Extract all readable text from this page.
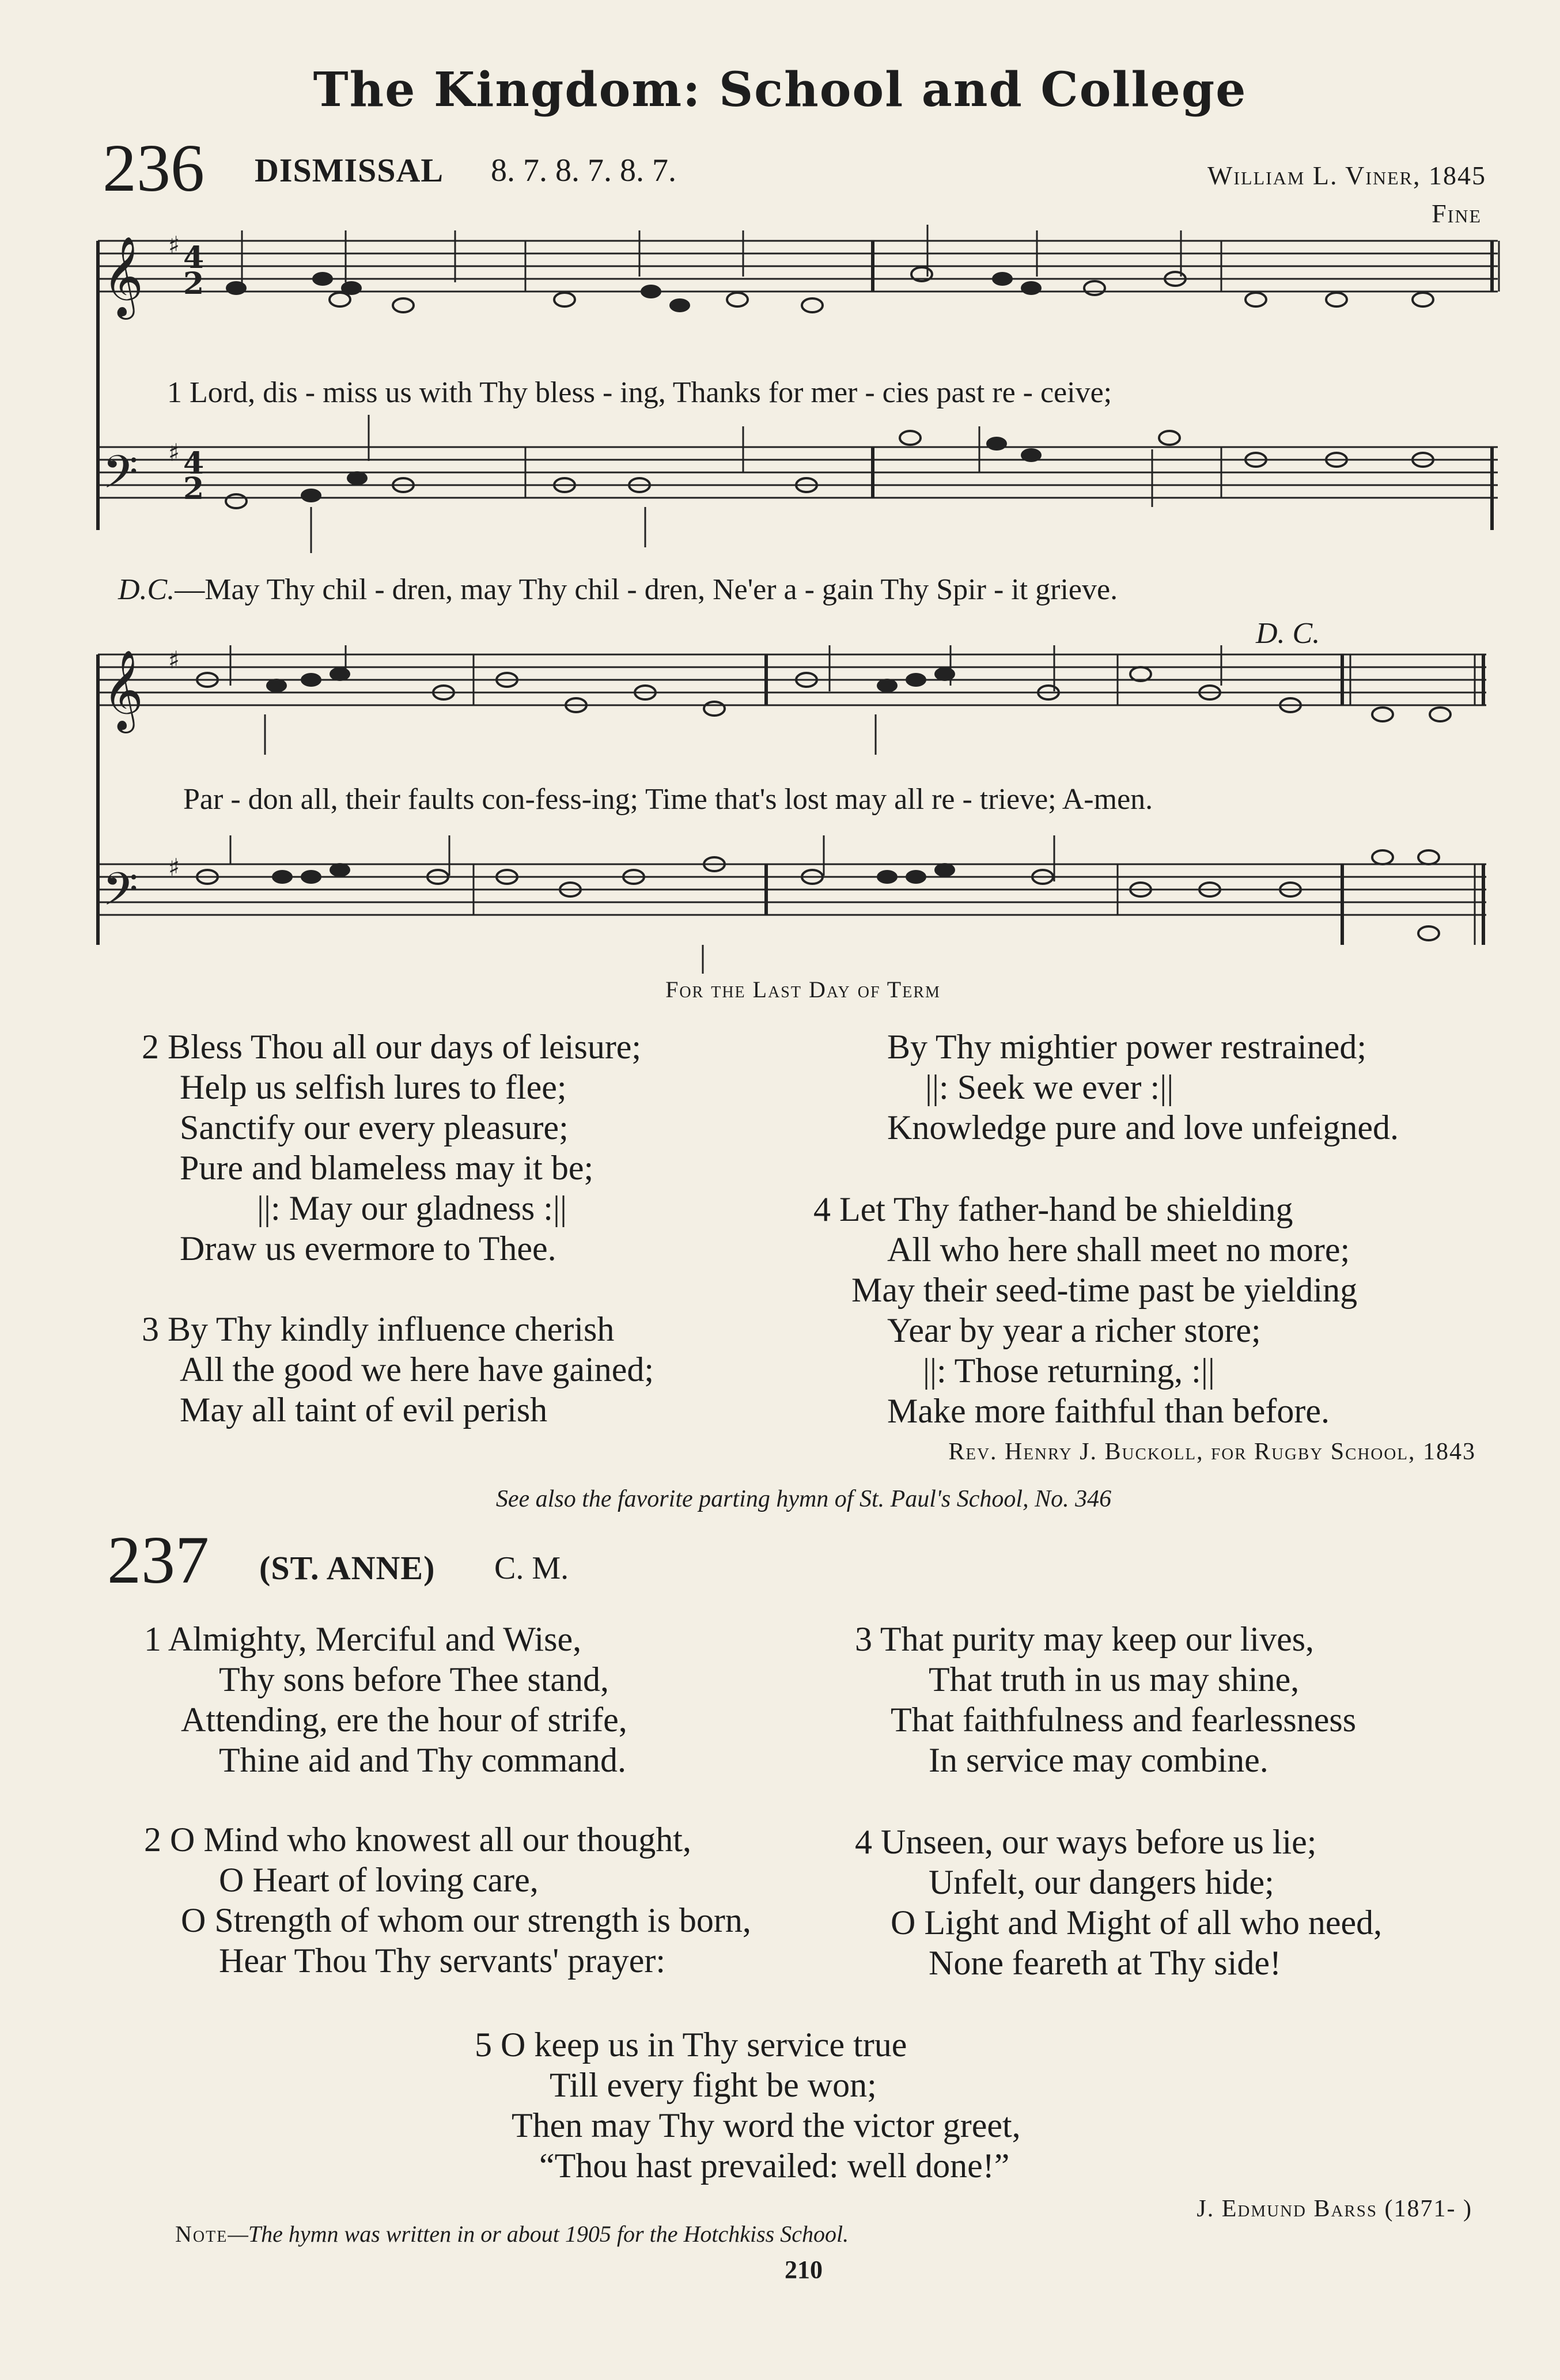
The Kingdom: School and College
236 DISMISSAL 8. 7. 8. 7. 8. 7.	William L. Viner, 1845
Fine
𝄞
𝄢
𝄞
𝄢
4
2
4
2
♯
♯
♯
♯
1 Lord, dis - miss us with Thy bless - ing, Thanks for mer - cies past re - ceive;
D.C.—May Thy chil - dren, may Thy chil - dren, Ne'er a - gain Thy Spir - it grieve.
D. C.
Par - don all, their faults con-fess-ing; Time that's lost may all re - trieve; A-men.
For the Last Day of Term
2 Bless Thou all our days of leisure;
Help us selfish lures to flee;
Sanctify our every pleasure;
Pure and blameless may it be;
||: May our gladness :||
Draw us evermore to Thee.
By Thy mightier power restrained;
||: Seek we ever :||
Knowledge pure and love unfeigned.
3 By Thy kindly influence cherish
All the good we here have gained;
May all taint of evil perish
4 Let Thy father-hand be shielding
All who here shall meet no more;
May their seed-time past be yielding
Year by year a richer store;
||: Those returning, :||
Make more faithful than before.
Rev. Henry J. Buckoll, for Rugby School, 1843
See also the favorite parting hymn of St. Paul's School, No. 346
237 (ST. ANNE) C. M.
1 Almighty, Merciful and Wise,
Thy sons before Thee stand,
Attending, ere the hour of strife,
Thine aid and Thy command.
3 That purity may keep our lives,
That truth in us may shine,
That faithfulness and fearlessness
In service may combine.
2 O Mind who knowest all our thought,
O Heart of loving care,
O Strength of whom our strength is born,
Hear Thou Thy servants' prayer:
4 Unseen, our ways before us lie;
Unfelt, our dangers hide;
O Light and Might of all who need,
None feareth at Thy side!
5 O keep us in Thy service true
Till every fight be won;
Then may Thy word the victor greet,
“Thou hast prevailed: well done!”
J. Edmund Barss (1871- )
Note—The hymn was written in or about 1905 for the Hotchkiss School.
210
